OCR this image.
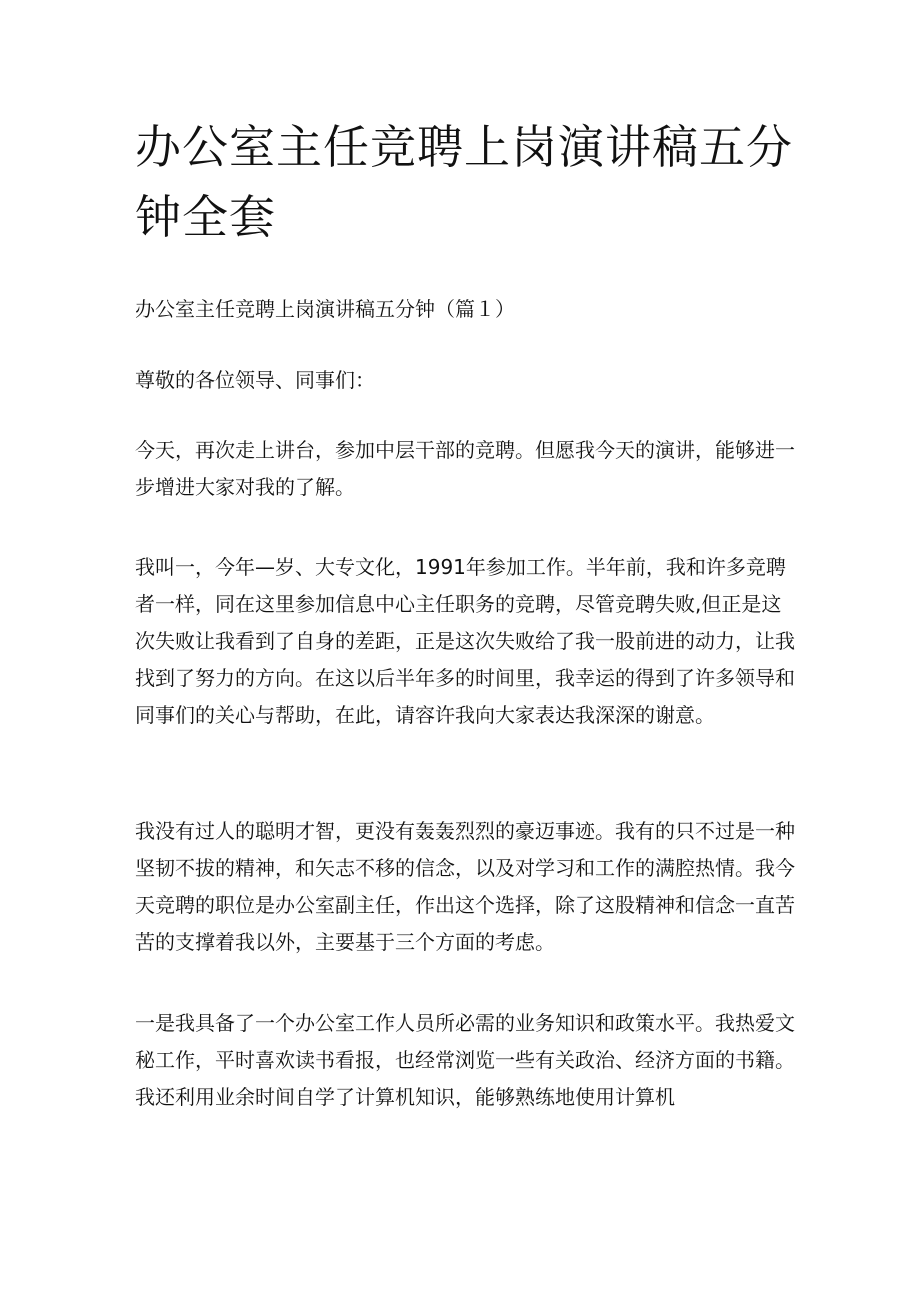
办公室主任竞聘上岗演讲稿五分钟全套

办公室主任竞聘上岗演讲稿五分钟（篇１）

尊敬的各位领导、同事们：

今天，再次走上讲台，参加中层干部的竞聘。但愿我今天的演讲，能够进一步增进大家对我的了解。

我叫一，今年—岁、大专文化，1991年参加工作。半年前，我和许多竞聘者一样，同在这里参加信息中心主任职务的竞聘，尽管竞聘失败,但正是这次失败让我看到了自身的差距，正是这次失败给了我一股前进的动力，让我找到了努力的方向。在这以后半年多的时间里，我幸运的得到了许多领导和同事们的关心与帮助，在此，请容许我向大家表达我深深的谢意。

我没有过人的聪明才智，更没有轰轰烈烈的豪迈事迹。我有的只不过是一种坚韧不拔的精神，和矢志不移的信念，以及对学习和工作的满腔热情。我今天竞聘的职位是办公室副主任，作出这个选择，除了这股精神和信念一直苦苦的支撑着我以外，主要基于三个方面的考虑。

一是我具备了一个办公室工作人员所必需的业务知识和政策水平。我热爱文秘工作，平时喜欢读书看报，也经常浏览一些有关政治、经济方面的书籍。我还利用业余时间自学了计算机知识，能够熟练地使用计算机
